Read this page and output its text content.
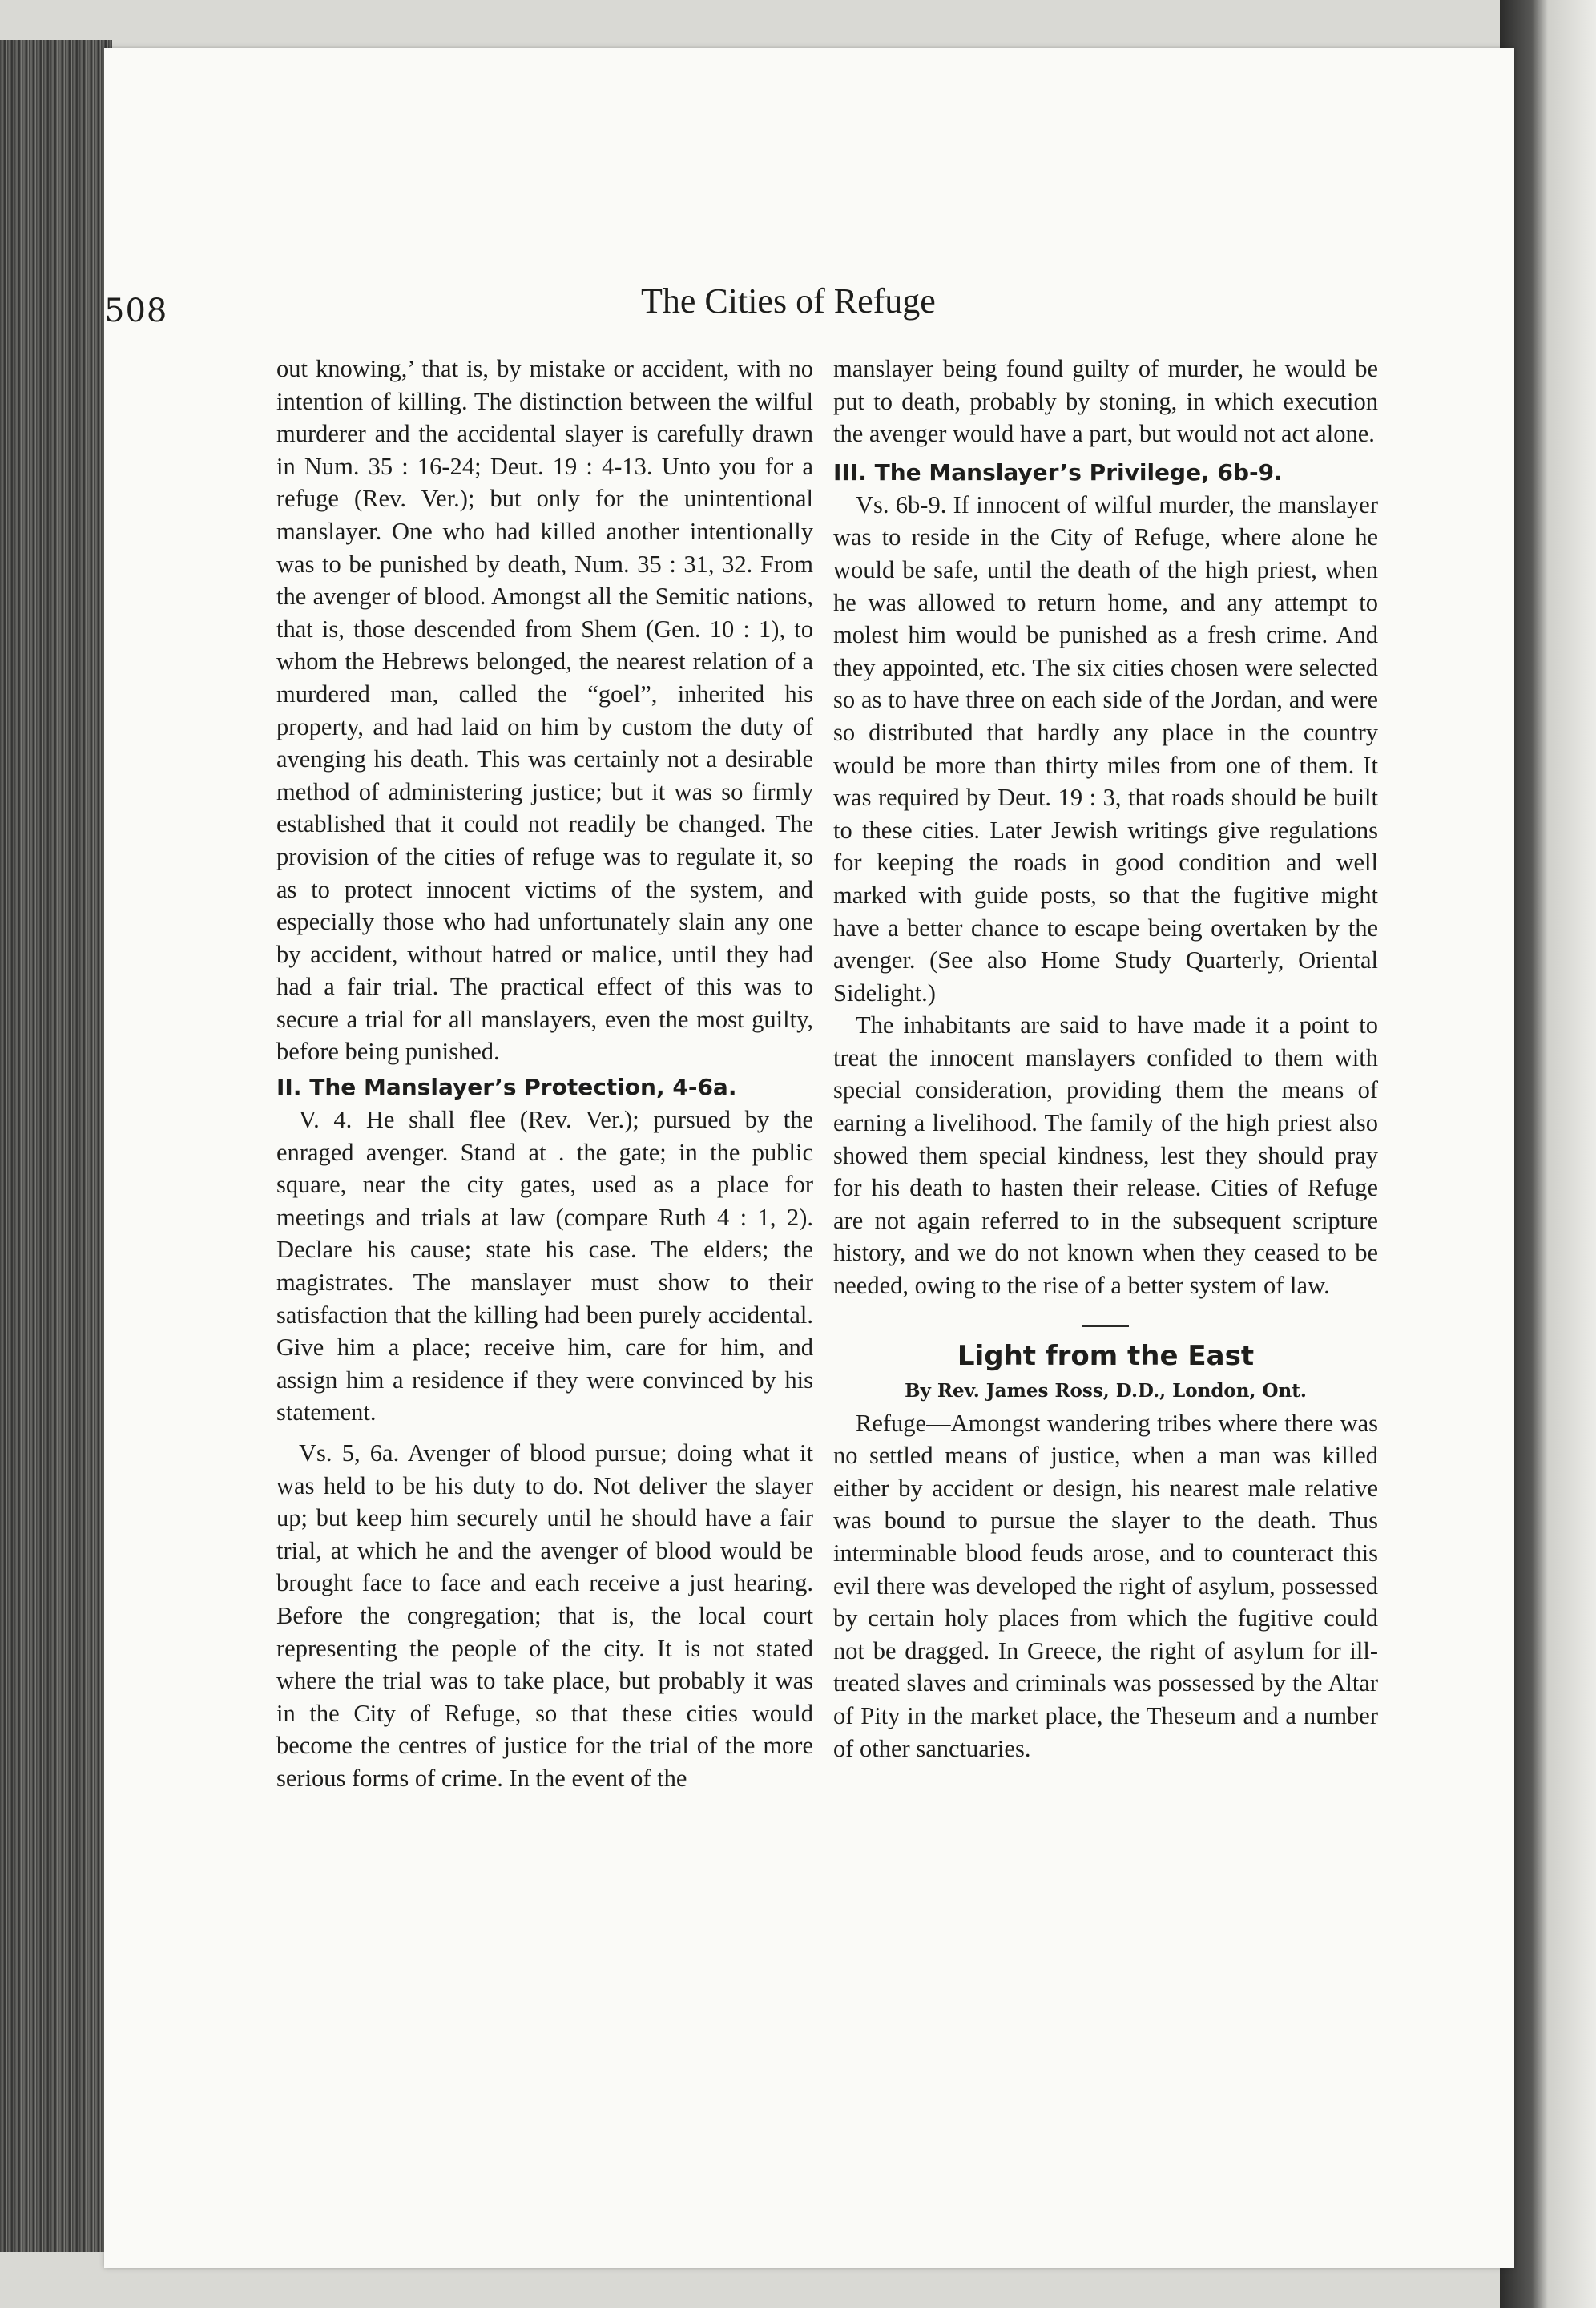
508	The Cities of Refuge

out knowing,’ that is, by mistake or accident, with no intention of killing. The distinction between the wilful murderer and the accidental slayer is carefully drawn in Num. 35 : 16-24; Deut. 19 : 4-13. Unto you for a refuge (Rev. Ver.); but only for the unintentional manslayer. One who had killed another intentionally was to be punished by death, Num. 35 : 31, 32. From the avenger of blood. Amongst all the Semitic nations, that is, those descended from Shem (Gen. 10 : 1), to whom the Hebrews belonged, the nearest relation of a murdered man, called the “goel”, inherited his property, and had laid on him by custom the duty of avenging his death. This was certainly not a desirable method of administering justice; but it was so firmly established that it could not readily be changed. The provision of the cities of refuge was to regulate it, so as to protect innocent victims of the system, and especially those who had unfortunately slain any one by accident, without hatred or malice, until they had had a fair trial. The practical effect of this was to secure a trial for all manslayers, even the most guilty, before being punished.

II. The Manslayer’s Protection, 4-6a.

V. 4. He shall flee (Rev. Ver.); pursued by the enraged avenger. Stand at . the gate; in the public square, near the city gates, used as a place for meetings and trials at law (compare Ruth 4 : 1, 2). Declare his cause; state his case. The elders; the magistrates. The manslayer must show to their satisfaction that the killing had been purely accidental. Give him a place; receive him, care for him, and assign him a residence if they were convinced by his statement.

Vs. 5, 6a. Avenger of blood pursue; doing what it was held to be his duty to do. Not deliver the slayer up; but keep him securely until he should have a fair trial, at which he and the avenger of blood would be brought face to face and each receive a just hearing. Before the congregation; that is, the local court representing the people of the city. It is not stated where the trial was to take place, but probably it was in the City of Refuge, so that these cities would become the centres of justice for the trial of the more serious forms of crime. In the event of the

manslayer being found guilty of murder, he would be put to death, probably by stoning, in which execution the avenger would have a part, but would not act alone.

III. The Manslayer’s Privilege, 6b-9.

Vs. 6b-9. If innocent of wilful murder, the manslayer was to reside in the City of Refuge, where alone he would be safe, until the death of the high priest, when he was allowed to return home, and any attempt to molest him would be punished as a fresh crime. And they appointed, etc. The six cities chosen were selected so as to have three on each side of the Jordan, and were so distributed that hardly any place in the country would be more than thirty miles from one of them. It was required by Deut. 19 : 3, that roads should be built to these cities. Later Jewish writings give regulations for keeping the roads in good condition and well marked with guide posts, so that the fugitive might have a better chance to escape being overtaken by the avenger. (See also Home Study Quarterly, Oriental Sidelight.)

The inhabitants are said to have made it a point to treat the innocent manslayers confided to them with special consideration, providing them the means of earning a livelihood. The family of the high priest also showed them special kindness, lest they should pray for his death to hasten their release. Cities of Refuge are not again referred to in the subsequent scripture history, and we do not known when they ceased to be needed, owing to the rise of a better system of law.

Light from the East
By Rev. James Ross, D.D., London, Ont.

Refuge—Amongst wandering tribes where there was no settled means of justice, when a man was killed either by accident or design, his nearest male relative was bound to pursue the slayer to the death. Thus interminable blood feuds arose, and to counteract this evil there was developed the right of asylum, possessed by certain holy places from which the fugitive could not be dragged. In Greece, the right of asylum for ill-treated slaves and criminals was possessed by the Altar of Pity in the market place, the Theseum and a number of other sanctuaries.
